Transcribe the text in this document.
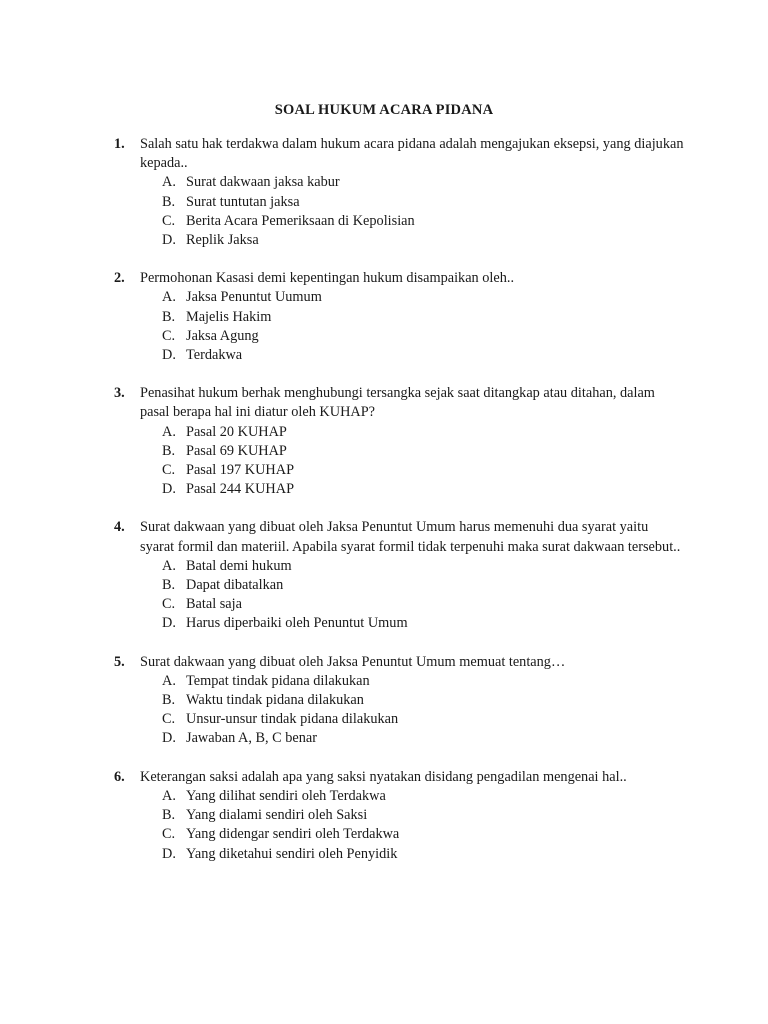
SOAL HUKUM ACARA PIDANA
1. Salah satu hak terdakwa dalam hukum acara pidana adalah mengajukan eksepsi, yang diajukan kepada..
A. Surat dakwaan jaksa kabur
B. Surat tuntutan jaksa
C. Berita Acara Pemeriksaan di Kepolisian
D. Replik Jaksa
2. Permohonan Kasasi demi kepentingan hukum disampaikan oleh..
A. Jaksa Penuntut Uumum
B. Majelis Hakim
C. Jaksa Agung
D. Terdakwa
3. Penasihat hukum berhak menghubungi tersangka sejak saat ditangkap atau ditahan, dalam pasal berapa hal ini diatur oleh KUHAP?
A. Pasal 20 KUHAP
B. Pasal 69 KUHAP
C. Pasal 197 KUHAP
D. Pasal 244 KUHAP
4. Surat dakwaan yang dibuat oleh Jaksa Penuntut Umum harus memenuhi dua syarat yaitu syarat formil dan materiil. Apabila syarat formil tidak terpenuhi maka surat dakwaan tersebut..
A. Batal demi hukum
B. Dapat dibatalkan
C. Batal saja
D. Harus diperbaiki oleh Penuntut Umum
5. Surat dakwaan yang dibuat oleh Jaksa Penuntut Umum memuat tentang…
A. Tempat tindak pidana dilakukan
B. Waktu tindak pidana dilakukan
C. Unsur-unsur tindak pidana dilakukan
D. Jawaban A, B, C benar
6. Keterangan saksi adalah apa yang saksi nyatakan disidang pengadilan mengenai hal..
A. Yang dilihat sendiri oleh Terdakwa
B. Yang dialami sendiri oleh Saksi
C. Yang didengar sendiri oleh Terdakwa
D. Yang diketahui sendiri oleh Penyidik
